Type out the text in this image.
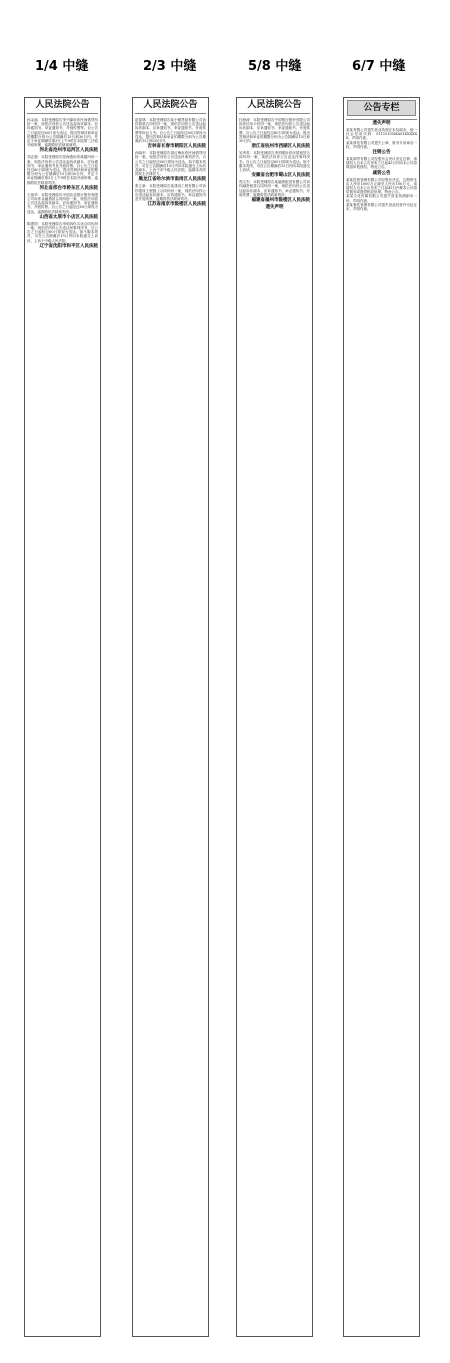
1/4 中缝	2/3 中缝	5/8 中缝	6/7 中缝
人民法院公告
孙金福：本院受理原告李兴隆诉你民间借贷纠纷一案，现依法向你公告送达起诉状副本、应诉通知书、举证通知书、开庭传票等。自公告之日起经过60日视为送达。提出答辩状和举证的期限分别为公告期满后15日和30日内。并定于举证期满后第3日上午9时在本院第三法庭开庭审理，逾期将依法缺席裁判。
河北省沧州市运河区人民法院
刘志强：本院受理原告张海燕诉你离婚纠纷一案，现依法向你公告送达起诉状副本、应诉通知书、举证通知书及开庭传票。自公告之日起经过60日即视为送达。提出答辩状和举证的期限分别为公告期满后15日和30日内。并定于举证期满后第3日上午9时在本院开庭审理，逾期将依法缺席判决。
河北省邢台市桥东区人民法院
王丽华：本院受理原告中国农业银行股份有限公司诉你金融借款合同纠纷一案，现依法向你公告送达起诉状副本、应诉通知书、举证通知书、开庭传票。自公告之日起经过60日即视为送达，逾期将依法缺席判决。
山西省太原市小店区人民法院
陈建国：本院受理原告李明诉你买卖合同纠纷一案，现依法向你公告送达民事判决书。自公告之日起经过60日即视为送达。如不服本判决，可在公告期满后15日内向本院递交上诉状，上诉于中级人民法院。
辽宁省沈阳市和平区人民法院
人民法院公告
赵春林：本院受理原告某小额贷款有限公司诉你借款合同纠纷一案，现依法向你公告送达起诉状副本、应诉通知书、举证通知书、开庭传票等诉讼文书。自公告之日起经过60日即视为送达。提出答辩状和举证的期限分别为公告期满后15日和30日内。
吉林省长春市朝阳区人民法院
孙晓东：本院受理原告周红梅诉你民间借贷纠纷一案，现依法向你公告送达民事判决书。自公告之日起经过60日即视为送达。如不服本判决，可在公告期满后15日内向本院递交上诉状及副本，上诉于市中级人民法院。逾期本判决即发生法律效力。
黑龙江省哈尔滨市南岗区人民法院
张立新：本院受理原告某建设工程有限公司诉你建设工程施工合同纠纷一案，现依法向你公告送达起诉状副本、应诉通知书、举证通知书及开庭传票，逾期将依法缺席判决。
江苏省南京市鼓楼区人民法院
人民法院公告
杜海涛：本院受理原告中国银行股份有限公司诉你信用卡纠纷一案，现依法向你公告送达起诉状副本、应诉通知书、举证通知书、开庭传票。自公告之日起经过60日即视为送达。提出答辩状和举证的期限分别为公告期满后15日和30日内。
浙江省杭州市西湖区人民法院
吴秀英：本院受理原告李国强诉你房屋租赁合同纠纷一案，现依法向你公告送达民事判决书。自公告之日起经过60日即视为送达。如不服本判决，可在公告期满后15日内向本院递交上诉状。
安徽省合肥市蜀山区人民法院
郑文杰：本院受理原告某融资租赁有限公司诉你融资租赁合同纠纷一案，现依法向你公告送达起诉状副本、应诉通知书、举证通知书、开庭传票，逾期将依法缺席判决。
福建省福州市鼓楼区人民法院
遗失声明
公告专栏
遗失声明
某某有限公司遗失营业执照正本及副本，统一社会信用代码：91110105MA01XXXXXX，声明作废。
某某科技有限公司遗失公章、财务专用章各一枚，声明作废。
注销公告
某某商贸有限公司经股东会决议决定注销，请债权人自本公告发布之日起45日内向本公司清算组申报债权。特此公告。
减资公告
某某投资管理有限公司经股东决定，注册资本由人民币1000万元减至人民币100万元，请债权人自本公告发布之日起45日内要求公司清偿债务或提供相应担保。特此公告。
某某文化传媒有限公司遗失营业执照副本一份，声明作废。
某某餐饮管理有限公司遗失食品经营许可证正本，声明作废。
